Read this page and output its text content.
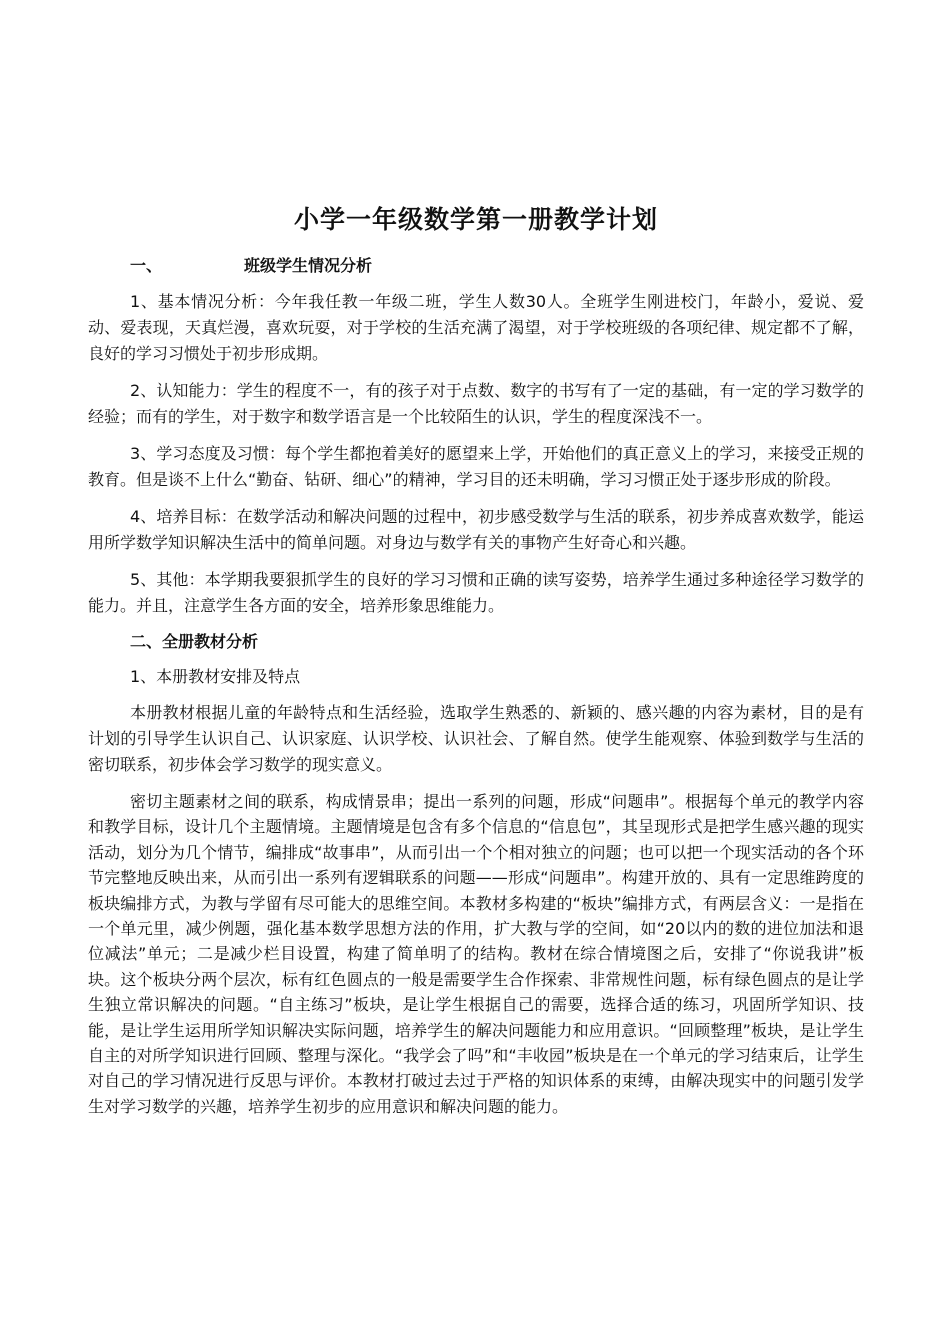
小学一年级数学第一册教学计划
一、	班级学生情况分析

1、基本情况分析：今年我任教一年级二班，学生人数30人。全班学生刚进校门，年龄小，爱说、爱动、爱表现，天真烂漫，喜欢玩耍，对于学校的生活充满了渴望，对于学校班级的各项纪律、规定都不了解，良好的学习习惯处于初步形成期。

2、认知能力：学生的程度不一，有的孩子对于点数、数字的书写有了一定的基础，有一定的学习数学的经验；而有的学生，对于数字和数学语言是一个比较陌生的认识，学生的程度深浅不一。

3、学习态度及习惯：每个学生都抱着美好的愿望来上学，开始他们的真正意义上的学习，来接受正规的教育。但是谈不上什么“勤奋、钻研、细心”的精神，学习目的还未明确，学习习惯正处于逐步形成的阶段。

4、培养目标：在数学活动和解决问题的过程中，初步感受数学与生活的联系，初步养成喜欢数学，能运用所学数学知识解决生活中的简单问题。对身边与数学有关的事物产生好奇心和兴趣。

5、其他：本学期我要狠抓学生的良好的学习习惯和正确的读写姿势，培养学生通过多种途径学习数学的能力。并且，注意学生各方面的安全，培养形象思维能力。

二、全册教材分析
1、本册教材安排及特点

本册教材根据儿童的年龄特点和生活经验，选取学生熟悉的、新颖的、感兴趣的内容为素材，目的是有计划的引导学生认识自己、认识家庭、认识学校、认识社会、了解自然。使学生能观察、体验到数学与生活的密切联系，初步体会学习数学的现实意义。

密切主题素材之间的联系，构成情景串；提出一系列的问题，形成“问题串”。根据每个单元的教学内容和教学目标，设计几个主题情境。主题情境是包含有多个信息的“信息包”，其呈现形式是把学生感兴趣的现实活动，划分为几个情节，编排成“故事串”，从而引出一个个相对独立的问题；也可以把一个现实活动的各个环节完整地反映出来，从而引出一系列有逻辑联系的问题——形成“问题串”。构建开放的、具有一定思维跨度的板块编排方式，为教与学留有尽可能大的思维空间。本教材多构建的“板块”编排方式，有两层含义：一是指在一个单元里，减少例题，强化基本数学思想方法的作用，扩大教与学的空间，如“20以内的数的进位加法和退位减法”单元；二是减少栏目设置，构建了简单明了的结构。教材在综合情境图之后，安排了“你说我讲”板块。这个板块分两个层次，标有红色圆点的一般是需要学生合作探索、非常规性问题，标有绿色圆点的是让学生独立常识解决的问题。“自主练习”板块，是让学生根据自己的需要，选择合适的练习，巩固所学知识、技能，是让学生运用所学知识解决实际问题，培养学生的解决问题能力和应用意识。“回顾整理”板块，是让学生自主的对所学知识进行回顾、整理与深化。“我学会了吗”和“丰收园”板块是在一个单元的学习结束后，让学生对自己的学习情况进行反思与评价。本教材打破过去过于严格的知识体系的束缚，由解决现实中的问题引发学生对学习数学的兴趣，培养学生初步的应用意识和解决问题的能力。
